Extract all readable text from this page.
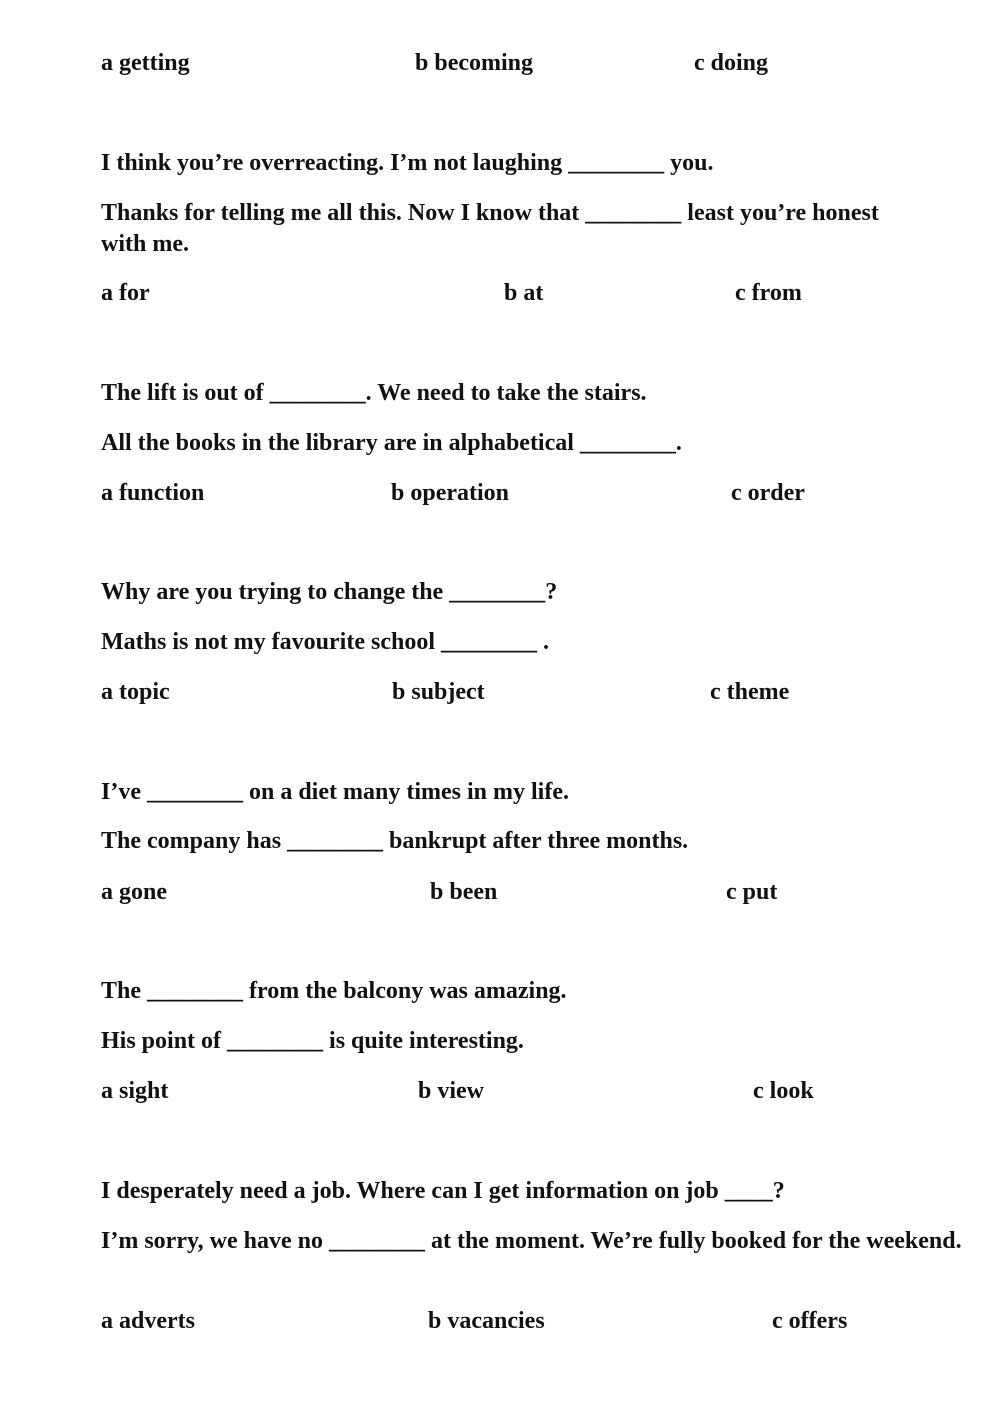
a getting	b becoming	c doing
I think you’re overreacting. I’m not laughing ________ you.
Thanks for telling me all this. Now I know that ________ least you’re honest with me.
a for	b at	c from
The lift is out of ________. We need to take the stairs.
All the books in the library are in alphabetical ________.
a function	b operation	c order
Why are you trying to change the ________?
Maths is not my favourite school ________ .
a topic	b subject	c theme
I’ve ________ on a diet many times in my life.
The company has ________ bankrupt after three months.
a gone	b been	c put
The ________ from the balcony was amazing.
His point of ________ is quite interesting.
a sight	b view	c look
I desperately need a job. Where can I get information on job ____?
I’m sorry, we have no ________ at the moment. We’re fully booked for the weekend.
a adverts	b vacancies	c offers
